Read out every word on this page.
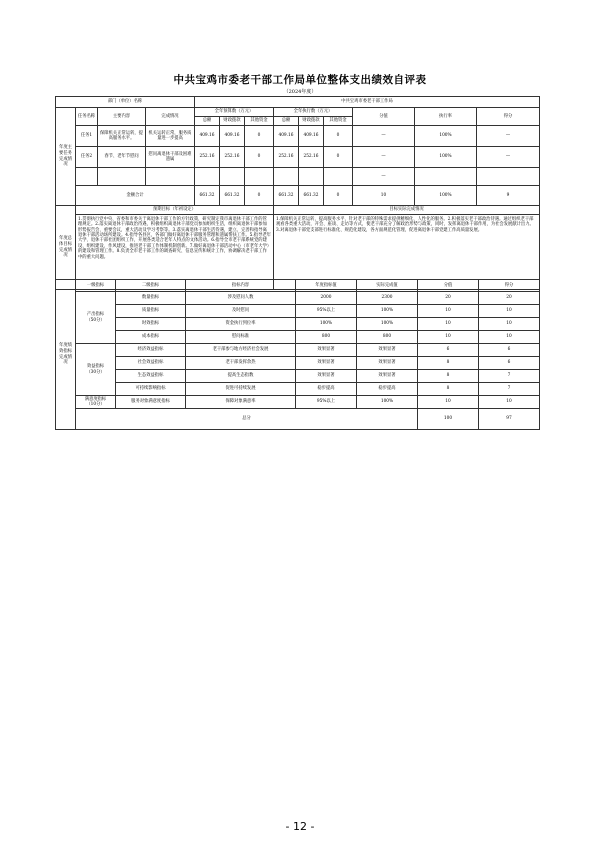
中共宝鸡市委老干部工作局单位整体支出绩效自评表
（2024年度）
部门（单位）名称				中共宝鸡市委老干部工作局								
年度主要任务完成情况	任务名称	主要内容	完成情况	全年预算数（万元）			全年执行数（万元）			分值	执行率	得分
				总额	财政拨款	其他资金	总额	财政拨款	其他资金			
	任务1	保障机关正常运转，提高服务水平。	机关运转正常，服务质量进一步提高	409.16	409.16	0	409.16	409.16	0	—	100%	—
	任务2	春节、老年节慰问	慰问离退休干部及困难遗属	252.16	252.16	0	252.16	252.16	0	—	100%	—
										—		
	金额合计			661.32	661.32	0	661.32	661.32	0	10	100%	9
年度总体目标完成情况	预期目标（年初设定）						目标实际完成情况					
	1.贯彻执行党中央、省委和市委关于离退休干部工作的方针政策，研究制定我市离退休干部工作的管理规定。2.落实离退休干部政治待遇，积极组织离退休干部党员参加组织生活，组织离退休干部参加形势报告会、重要会议，重大活动及学习考察等。3.落实离退休干部生活待遇，建立、完善和指导离退休干部活动场所建设。4.指导各县区，各部门做好离退休干部服务管理和遗属帮扶工作。5.指导老年大学、退休干部社团组织工作，开展各类适合老年人特点的文体活动。6.指导全市老干部系统党的建设、组织建设、作风建设，推进老干部工作体制机制创新。7.做好离退休干部活动中心（市老年大学）的建设和管理工作。8.负责全市老干部工作的调查研究、信息宣传和统计工作，协调解决老干部工作中的重大问题。						1.保障机关正常运转，提高服务水平，针对老干部的特殊需求提供精细化、人性化的服务。2.积极落实老干部政治待遇。通过组织老干部观看各类重大活动，开会、座谈、走访等方式，使老干部充分了解政治形势与政策，同时，发挥离退休干部作用，为社会发展献计出力。3.对离退休干部党支部进行标准化、规范化建设，各方面规范化管理，促进离退休干部党建工作高质量发展。					
年度绩效指标完成情况	一级指标	二级指标	指标内容	年度指标值	实际完成值	分值	得分
	产出指标
（50分）	数量指标	涉及慰问人数	2000	2300	20	20
		质量指标	及时慰问	95%以上	100%	10	10
		时效指标	资金执行到位率	100%	100%	10	10
		成本指标	慰问标准	800	800	10	10
	效益指标
（30分）	经济效益指标	老干部参与地方经济社会发展	效果显著	效果显著	6	6
		社会效益指标	老干部发挥余热	效果显著	效果显著	8	6
		生态效益指标	提高生态指数	效果显著	效果显著	8	7
		可持续影响指标	促进可持续发展	稳步提高	稳步提高	8	7
	满意度指标
（10分）	服务对象满意度指标	保障对象满意率	95%以上	100%	10	10
	总分					100	97
- 12 -
